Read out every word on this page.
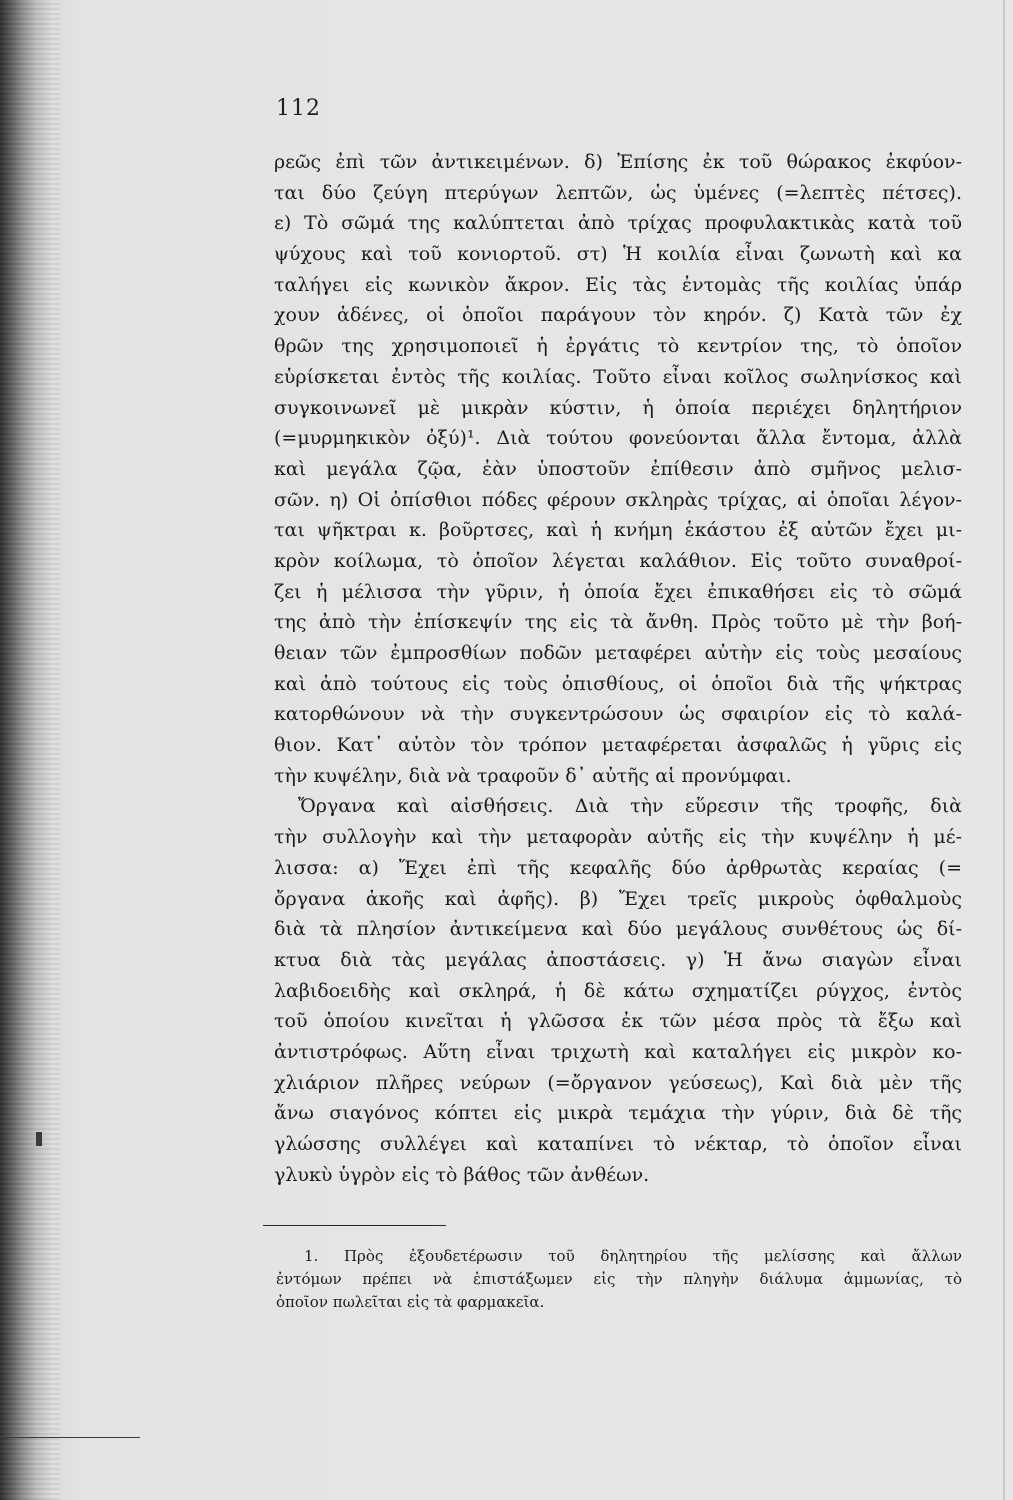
112
ρεῶς ἐπὶ τῶν ἀντικειμένων. δ) Ἐπίσης ἐκ τοῦ θώρακος ἐκφύον-
ται δύο ζεύγη πτερύγων λεπτῶν, ὡς ὑμένες (=λεπτὲς πέτσες).
ε) Τὸ σῶμά της καλύπτεται ἀπὸ τρίχας προφυλακτικὰς κατὰ τοῦ
ψύχους καὶ τοῦ κονιορτοῦ. στ) Ἡ κοιλία εἶναι ζωνωτὴ καὶ κα
ταλήγει εἰς κωνικὸν ἄκρον. Εἰς τὰς ἐντομὰς τῆς κοιλίας ὑπάρ
χουν ἀδένες, οἱ ὁποῖοι παράγουν τὸν κηρόν. ζ) Κατὰ τῶν ἐχ
θρῶν της χρησιμοποιεῖ ἡ ἐργάτις τὸ κεντρίον της, τὸ ὁποῖον
εὑρίσκεται ἐντὸς τῆς κοιλίας. Τοῦτο εἶναι κοῖλος σωληνίσκος καὶ
συγκοινωνεῖ μὲ μικρὰν κύστιν, ἡ ὁποία περιέχει δηλητήριον
(=μυρμηκικὸν ὀξύ)¹. Διὰ τούτου φονεύονται ἄλλα ἔντομα, ἀλλὰ
καὶ μεγάλα ζῷα, ἐὰν ὑποστοῦν ἐπίθεσιν ἀπὸ σμῆνος μελισ-
σῶν. η) Οἱ ὀπίσθιοι πόδες φέρουν σκληρὰς τρίχας, αἱ ὁποῖαι λέγον-
ται ψῆκτραι κ. βοῦρτσες, καὶ ἡ κνήμη ἑκάστου ἐξ αὐτῶν ἔχει μι-
κρὸν κοίλωμα, τὸ ὁποῖον λέγεται καλάθιον. Εἰς τοῦτο συναθροί-
ζει ἡ μέλισσα τὴν γῦριν, ἡ ὁποία ἔχει ἐπικαθήσει εἰς τὸ σῶμά
της ἀπὸ τὴν ἐπίσκεψίν της εἰς τὰ ἄνθη. Πρὸς τοῦτο μὲ τὴν βοή-
θειαν τῶν ἐμπροσθίων ποδῶν μεταφέρει αὐτὴν εἰς τοὺς μεσαίους
καὶ ἀπὸ τούτους εἰς τοὺς ὀπισθίους, οἱ ὁποῖοι διὰ τῆς ψήκτρας
κατορθώνουν νὰ τὴν συγκεντρώσουν ὡς σφαιρίον εἰς τὸ καλά-
θιον. Κατ᾽ αὐτὸν τὸν τρόπον μεταφέρεται ἀσφαλῶς ἡ γῦρις εἰς
τὴν κυψέλην, διὰ νὰ τραφοῦν δ᾽ αὐτῆς αἱ προνύμφαι.
Ὄργανα καὶ αἰσθήσεις. Διὰ τὴν εὕρεσιν τῆς τροφῆς, διὰ
τὴν συλλογὴν καὶ τὴν μεταφορὰν αὐτῆς εἰς τὴν κυψέλην ἡ μέ-
λισσα: α) Ἔχει ἐπὶ τῆς κεφαλῆς δύο ἀρθρωτὰς κεραίας (=
ὄργανα ἀκοῆς καὶ ἀφῆς). β) Ἔχει τρεῖς μικροὺς ὀφθαλμοὺς
διὰ τὰ πλησίον ἀντικείμενα καὶ δύο μεγάλους συνθέτους ὡς δί-
κτυα διὰ τὰς μεγάλας ἀποστάσεις. γ) Ἡ ἄνω σιαγὼν εἶναι
λαβιδοειδὴς καὶ σκληρά, ἡ δὲ κάτω σχηματίζει ρύγχος, ἐντὸς
τοῦ ὁποίου κινεῖται ἡ γλῶσσα ἐκ τῶν μέσα πρὸς τὰ ἔξω καὶ
ἀντιστρόφως. Αὕτη εἶναι τριχωτὴ καὶ καταλήγει εἰς μικρὸν κο-
χλιάριον πλῆρες νεύρων (=ὄργανον γεύσεως), Καὶ διὰ μὲν τῆς
ἄνω σιαγόνος κόπτει εἰς μικρὰ τεμάχια τὴν γύριν, διὰ δὲ τῆς
γλώσσης συλλέγει καὶ καταπίνει τὸ νέκταρ, τὸ ὁποῖον εἶναι
γλυκὺ ὑγρὸν εἰς τὸ βάθος τῶν ἀνθέων.
1. Πρὸς ἐξουδετέρωσιν τοῦ δηλητηρίου τῆς μελίσσης καὶ ἄλλων
ἐντόμων πρέπει νὰ ἐπιστάξωμεν εἰς τὴν πληγὴν διάλυμα ἀμμωνίας, τὸ
ὁποῖον πωλεῖται εἰς τὰ φαρμακεῖα.
